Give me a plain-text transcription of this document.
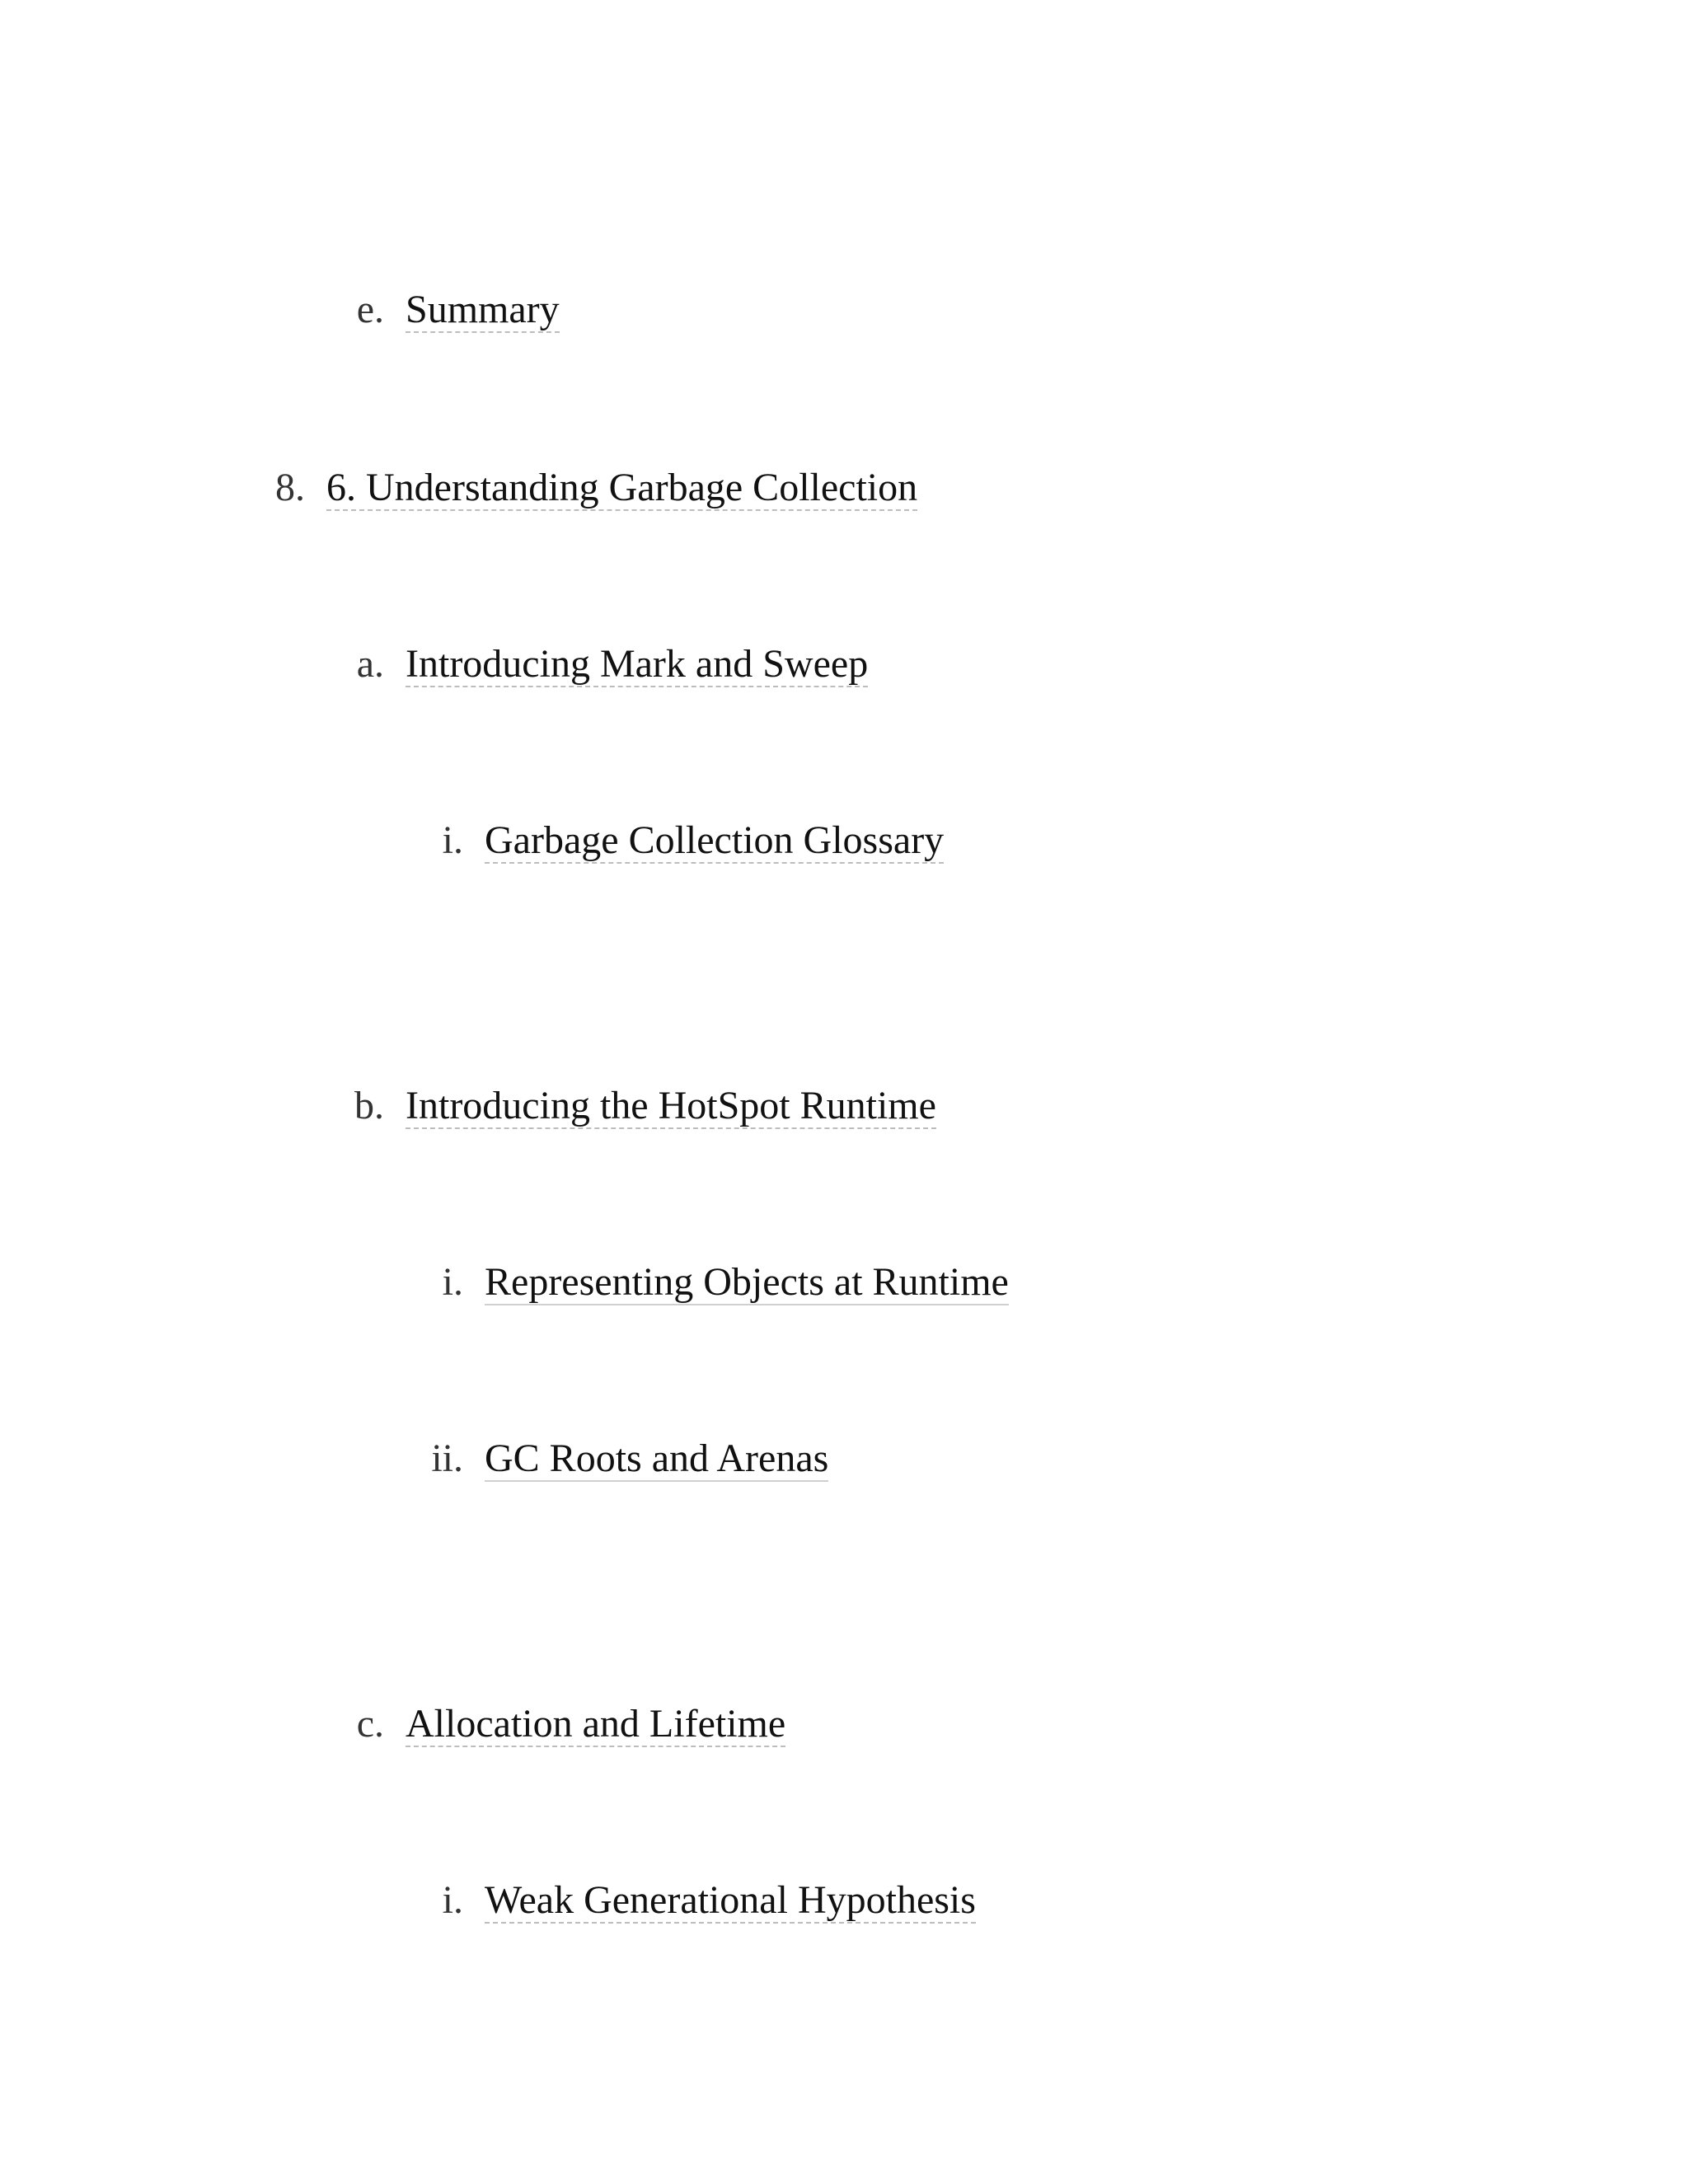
e. Summary
8. 6. Understanding Garbage Collection
a. Introducing Mark and Sweep
i. Garbage Collection Glossary
b. Introducing the HotSpot Runtime
i. Representing Objects at Runtime
ii. GC Roots and Arenas
c. Allocation and Lifetime
i. Weak Generational Hypothesis
